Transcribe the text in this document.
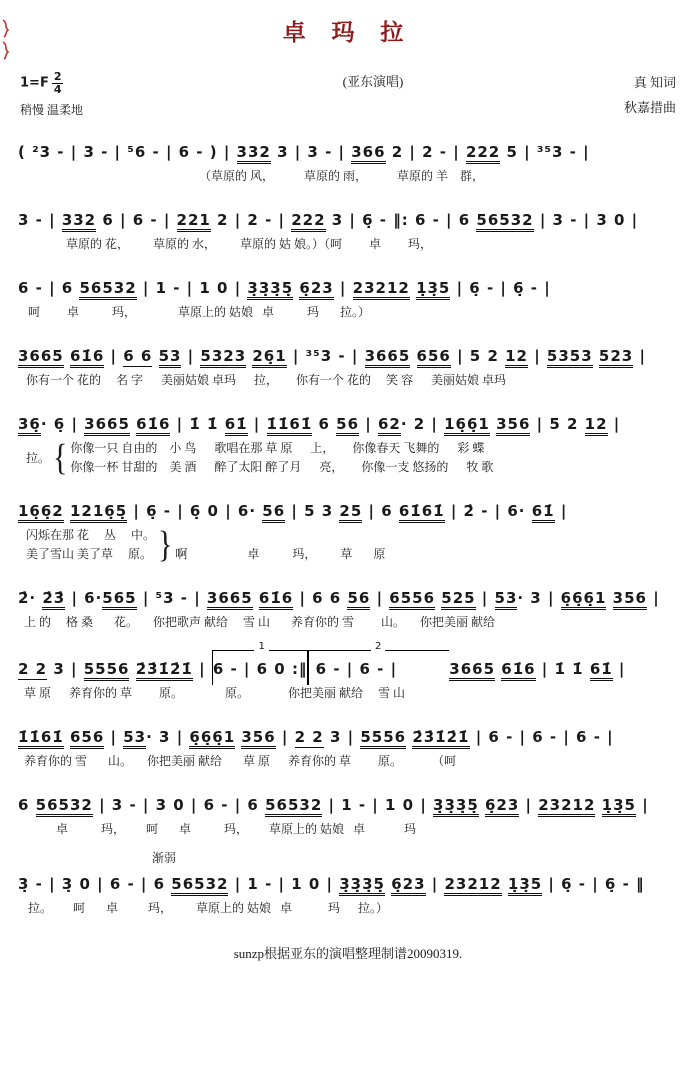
卓 玛 拉
$1=F \frac{2}{4}$
稍慢 温柔地
(亚东演唱)	真 知词
秋嘉措曲
( ²3 - | 3 - | ⁵6 - | 6 - ) | 332 3 | 3 - | 366 2 | 2 - | 222 5 | ³⁵3 - |
（草原的 风，          草原的 雨，          草原的 羊    群，
3 - | 332 6 | 6 - | 221 2 | 2 - | 222 3 | 6̣ - ‖: 6 - | 6 56532 | 3 - | 3 0 |
草原的 花，        草原的 水，        草原的 姑 娘。）（呵         卓         玛，
6 - | 6 56532 | 1 - | 1 0 | 3̣3̣3̣5̣ 6̣23 | 23212 1̣3̣5 | 6̣ - | 6̣ - |
呵         卓           玛，              草原上的 姑娘   卓           玛       拉。）
3665 61̇6 | 6 6 53 | 5323 26̣1 | ³⁵3 - | 3665 656 | 5 2 12 | 5353 523 |
你有一个 花的     名 字      美丽姑娘 卓玛      拉，      你有一个 花的     笑 容      美丽姑娘 卓玛
36̣· 6̣ | 3665 61̇6 | 1̇ 1̇ 61̇ | 1̇1̇61̇ 6 56 | 62· 2 | 16̣6̣1 356 | 5 2 12 |
拉。 { 你像一只 自由的    小 鸟      歌唱在那 草 原      上，      你像春天 飞舞的      彩 蝶
你像一杯 甘甜的    美 酒      醉了太阳 醉了月      亮，      你像一支 悠扬的      牧 歌
16̣6̣2 1216̣5̣ | 6̣ - | 6̣ 0 | 6· 56 | 5 3 25 | 6 61̇61̇ | 2̇ - | 6· 61̇ |
闪烁在那 花     丛     中。
美了雪山 美了草     原。 } 啊                    卓           玛，        草       原
2̇· 2̇3̇ | 6·565 | ⁵3 - | 3665 61̇6 | 6 6 56 | 6556 525 | 53· 3 | 6̣6̣6̣1 356 |
上 的     格 桑       花。     你把歌声 献给     雪 山       养育你的 雪         山。     你把美丽 献给
2 2 3 | 5556 2̇3̇1̇2̇1̇ |
1
6 - | 6 0 :‖
2
6 - | 6 - |	3665 61̇6 | 1̇ 1̇ 61̇ |
草 原      养育你的 草         原。              原。             你把美丽 献给     雪 山
1̇1̇61̇ 656 | 53· 3 | 6̣6̣6̣1 356 | 2 2 3 | 5556 2̇3̇1̇2̇1̇ | 6 - | 6 - | 6 - |
养育你的 雪       山。     你把美丽 献给       草 原      养育你的 草         原。          （呵
6 56532 | 3 - | 3 0 | 6 - | 6 56532 | 1 - | 1 0 | 3̣3̣3̣5̣ 6̣23 | 23212 1̣3̣5 |
卓           玛，       呵       卓           玛，       草原上的 姑娘   卓             玛
渐弱
3̣ - | 3̣ 0 | 6 - | 6 56532 | 1 - | 1 0 | 3̣3̣3̣5̣ 6̣23 | 23212 1̣3̣5 | 6̣ - | 6̣ - ‖
拉。       呵       卓          玛，        草原上的 姑娘   卓            玛      拉。）
sunzp根据亚东的演唱整理制谱20090319.
